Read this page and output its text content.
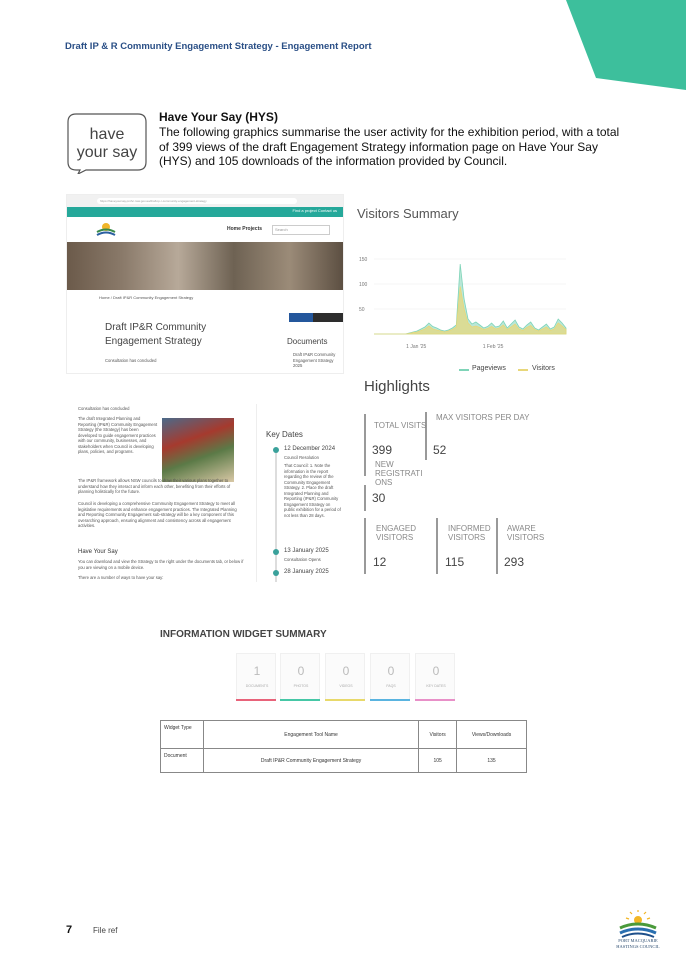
Draft IP & R Community Engagement Strategy - Engagement Report
have
your say
Have Your Say (HYS)
The following graphics summarise the user activity for the exhibition period, with a total of 399 views of the draft Engagement Strategy information page on Have Your Say (HYS) and 105 downloads of the information provided by Council.
https://haveyoursay.pmhc.nsw.gov.au/draft-ip-r-community-engagement-strategy
Find a project Contact us
Home Projects	Search
Home / Draft IP&R Community Engagement Strategy
Draft IP&R Community Engagement Strategy	Documents
Consultation has concluded
Draft IP&R Community Engagement Strategy 2025
Consultation has concluded
The draft Integrated Planning and Reporting (IP&R) Community Engagement Strategy (the Strategy) has been developed to guide engagement practices with our community, businesses, and stakeholders when Council is developing plans, policies, and programs.
The IP&R framework allows NSW councils to draw their various plans together to understand how they interact and inform each other, benefiting from their efforts of planning holistically for the future.
Council is developing a comprehensive Community Engagement Strategy to meet all legislative requirements and enhance engagement practices. The Integrated Planning and Reporting Community Engagement sub-strategy will be a key component of this overarching approach, ensuring alignment and consistency across all engagement activities.
Have Your Say
You can download and view the Strategy to the right under the documents tab, or below if you are viewing on a mobile device.
There are a number of ways to have your say:
Key Dates
12 December 2024
Council Resolution
That Council: 1. Note the information in the report regarding the review of the Community Engagement Strategy. 2. Place the draft Integrated Planning and Reporting (IP&R) Community Engagement Strategy on public exhibition for a period of not less than 28 days.
13 January 2025
Consultation Opens
28 January 2025
Visitors Summary
50
100
150
1 Jan '25	1 Feb '25
Pageviews	Visitors
Highlights
TOTAL VISITS
399
MAX VISITORS PER DAY
52
NEW REGISTRATI ONS
30
ENGAGED VISITORS
12
INFORMED VISITORS
115
AWARE VISITORS
293
INFORMATION WIDGET SUMMARY
1
DOCUMENTS
0
PHOTOS
0
VIDEOS
0
FAQS
0
KEY DATES
Widget Type	Engagement Tool Name	Visitors	Views/Downloads
Document	Draft IP&R Community Engagement Strategy	105	135
7	File ref
PORT MACQUARIE
HASTINGS COUNCIL
